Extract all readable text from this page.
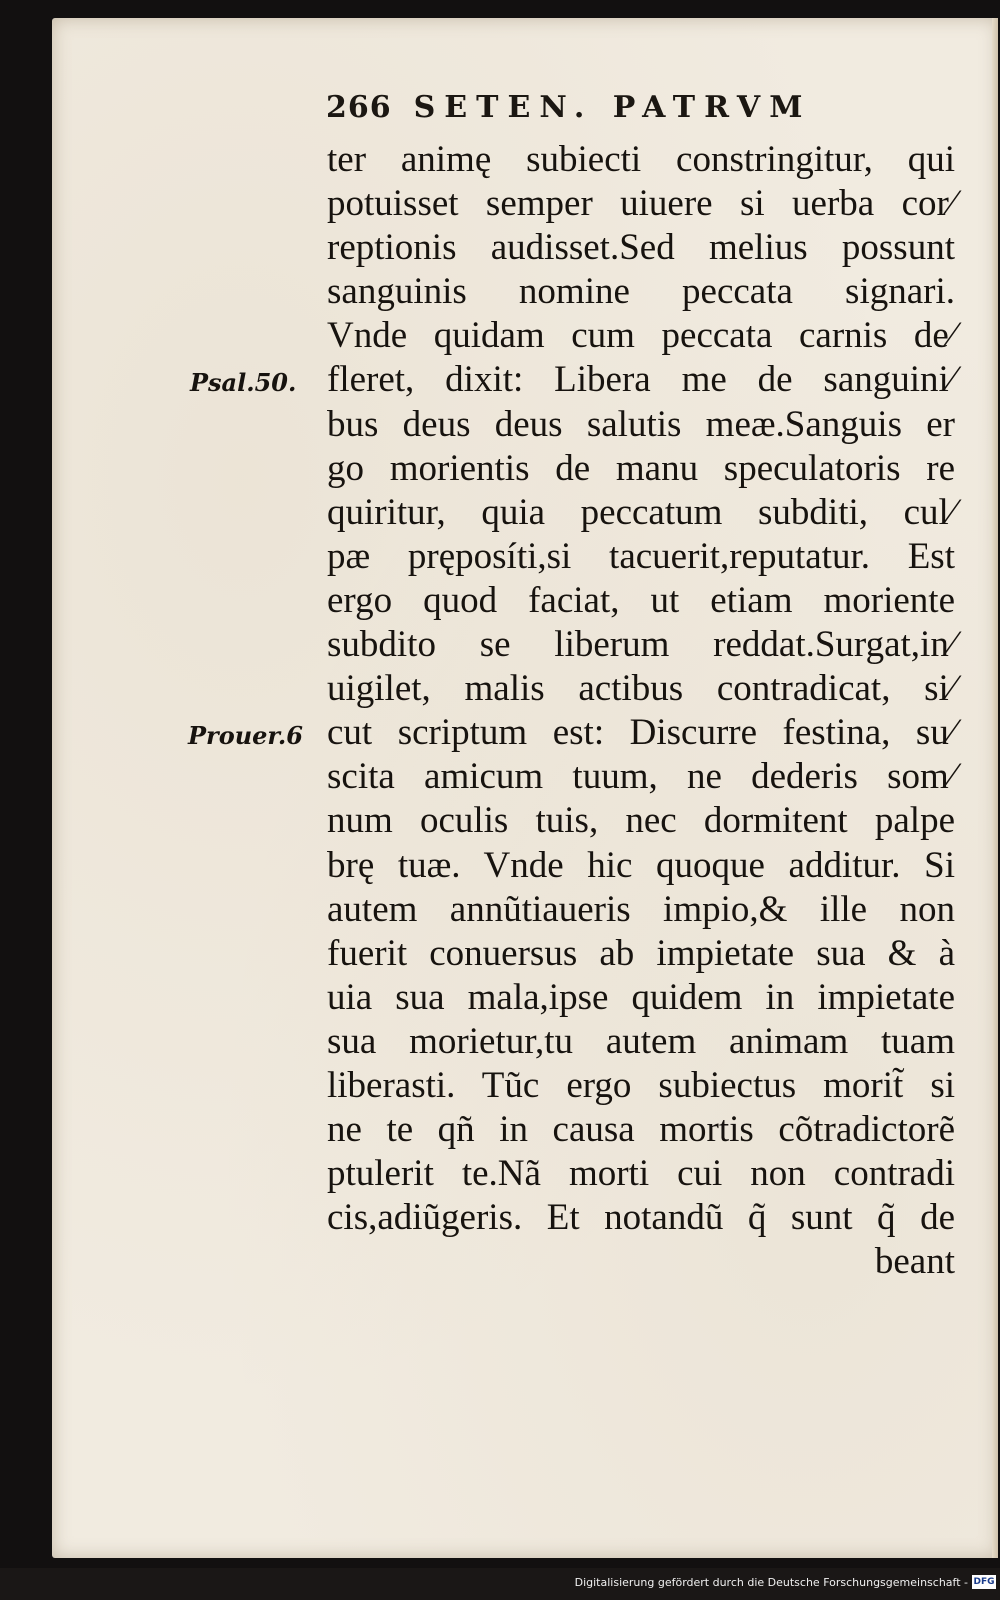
266 SETEN. PATRVM
Psal.50.
Prouer.6
ter animę subiecti constringitur, qui
potuisset semper uiuere si uerba cor⁄
reptionis audisset.Sed melius possunt
sanguinis nomine peccata signari.
Vnde quidam cum peccata carnis de⁄
fleret, dixit: Libera me de sanguini⁄
bus deus deus salutis meæ.Sanguis er
go morientis de manu speculatoris re
quiritur, quia peccatum subditi, cul⁄
pæ pręposíti,si tacuerit,reputatur. Est
ergo quod faciat, ut etiam moriente
subdito se liberum reddat.Surgat,in⁄
uigilet, malis actibus contradicat, si⁄
cut scriptum est: Discurre festina, su⁄
scita amicum tuum, ne dederis som⁄
num oculis tuis, nec dormitent palpe
brę tuæ. Vnde hic quoque additur. Si
autem annũtiaueris impio,& ille non
fuerit conuersus ab impietate sua & à
uia sua mala,ipse quidem in impietate
sua morietur,tu autem animam tuam
liberasti. Tũc ergo subiectus morit̃ si
ne te qñ in causa mortis cõtradictorẽ
ptulerit te.Nã morti cui non contradi
cis,adiũgeris. Et notandũ q̃ sunt q̃ de
beant
Digitalisierung gefördert durch die Deutsche Forschungsgemeinschaft - DFG
